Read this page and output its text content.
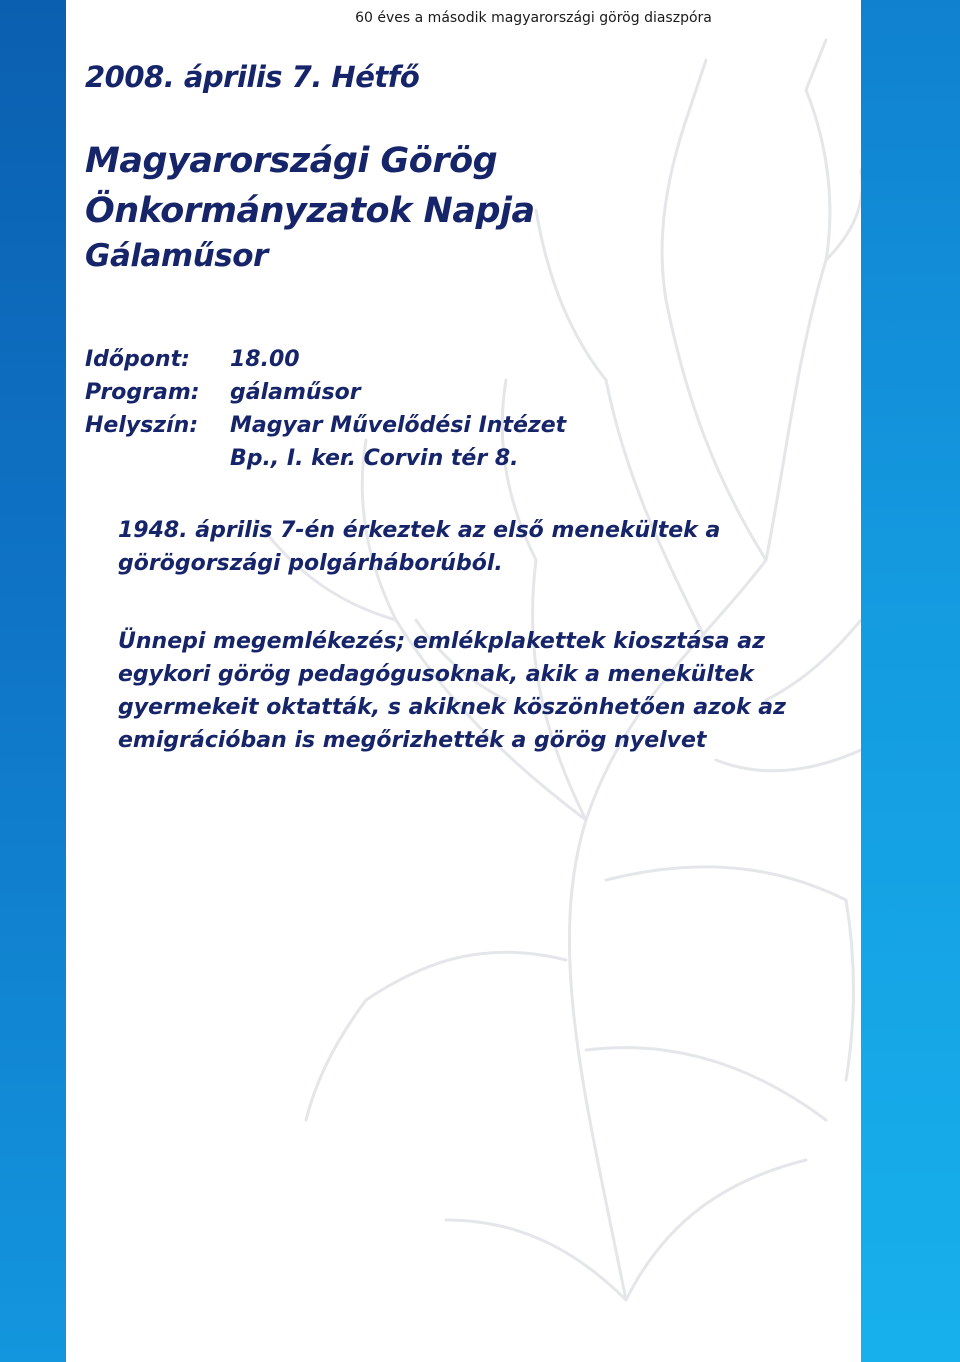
60 éves a második magyarországi görög diaszpóra
2008. április 7. Hétfő
Magyarországi Görög
Önkormányzatok Napja
Gálaműsor
Időpont:	18.00
Program:	gálaműsor
Helyszín:	Magyar Művelődési Intézet
Bp., I. ker. Corvin tér 8.
1948. április 7-én érkeztek az első menekültek a görögországi polgárháborúból.
Ünnepi megemlékezés; emlékplakettek kiosztása az egykori görög pedagógusoknak, akik a menekültek gyermekeit oktatták, s akiknek köszönhetően azok az emigrációban is megőrizhették a görög nyelvet
